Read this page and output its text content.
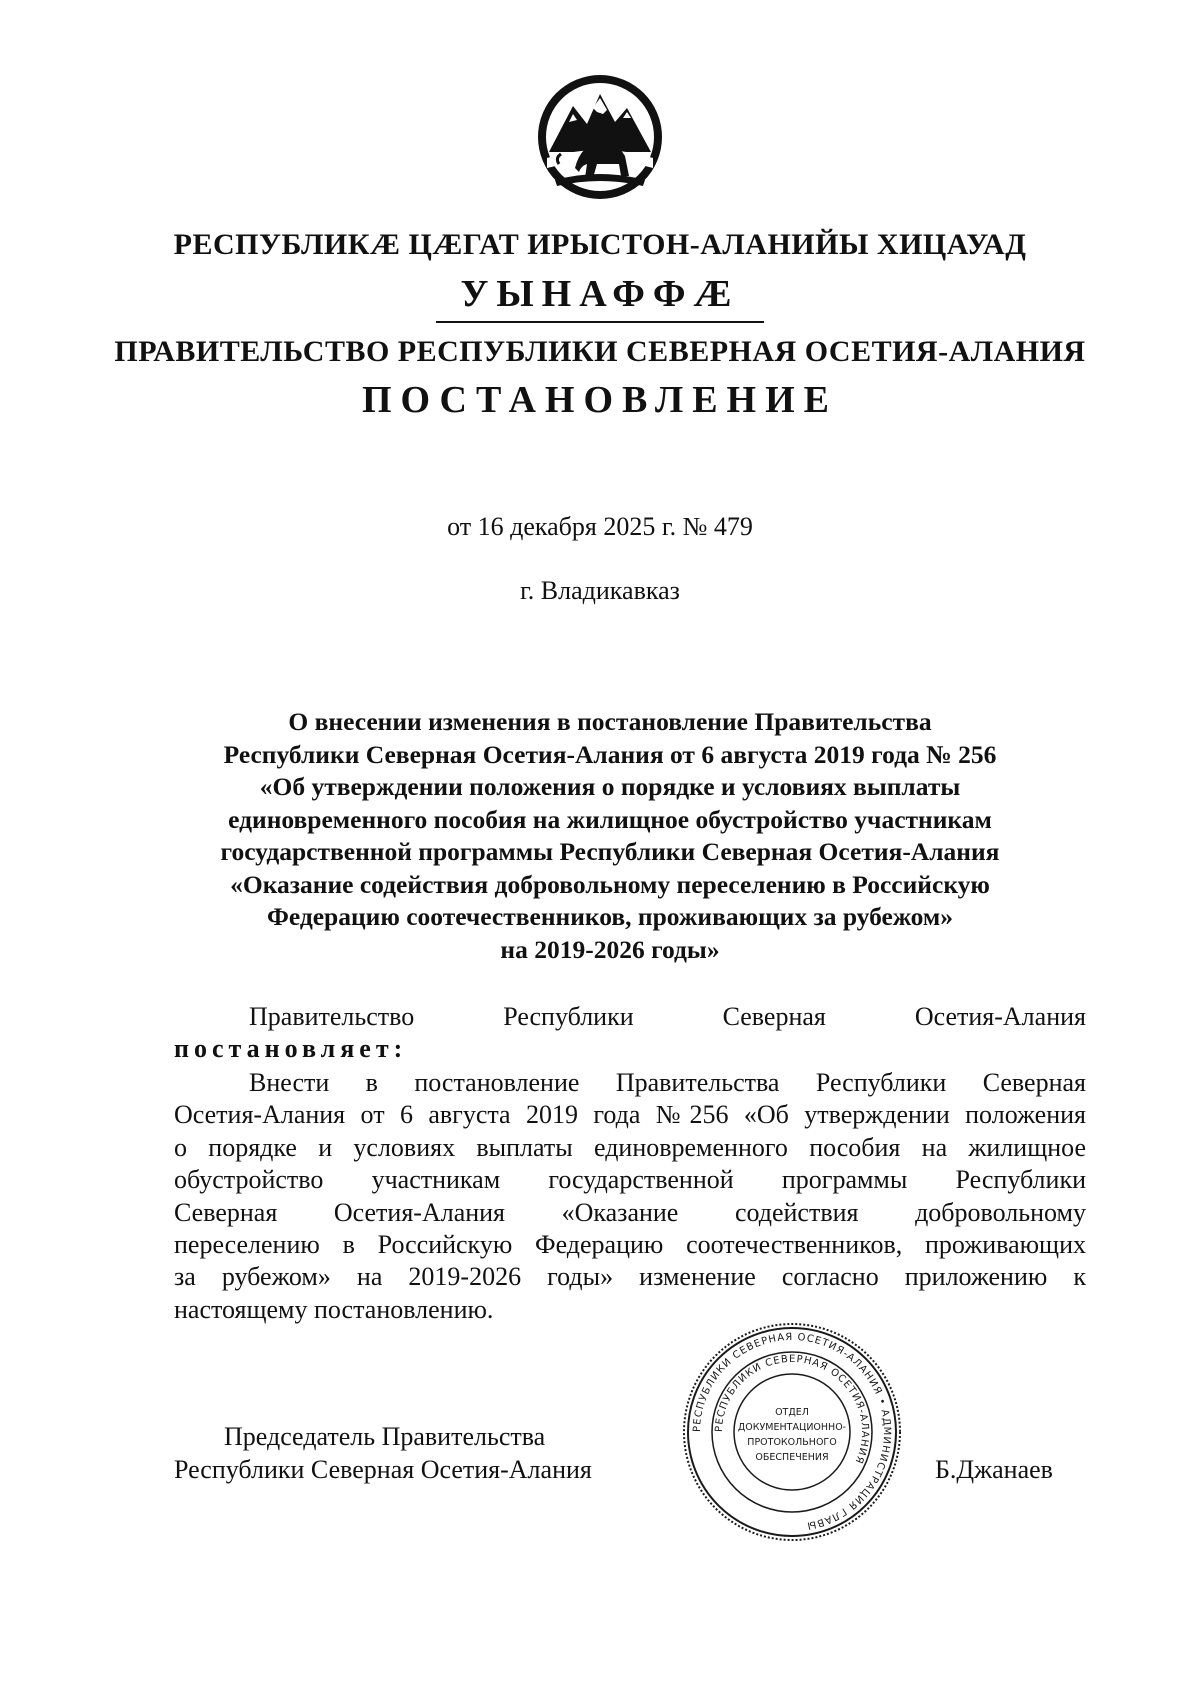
РЕСПУБЛИКÆ ЦÆГАТ ИРЫСТОН-АЛАНИЙЫ ХИЦАУАД
УЫНАФФÆ
ПРАВИТЕЛЬСТВО РЕСПУБЛИКИ СЕВЕРНАЯ ОСЕТИЯ-АЛАНИЯ
ПОСТАНОВЛЕНИЕ
от 16 декабря 2025 г. № 479
г. Владикавказ
О внесении изменения в постановление Правительства
Республики Северная Осетия-Алания от 6 августа 2019 года № 256
«Об утверждении положения о порядке и условиях выплаты
единовременного пособия на жилищное обустройство участникам
государственной программы Республики Северная Осетия-Алания
«Оказание содействия добровольному переселению в Российскую
Федерацию соотечественников, проживающих за рубежом»
на 2019-2026 годы»
Правительство Республики Северная Осетия-Алания
постановляет:
Внести в постановление Правительства Республики Северная
Осетия-Алания от 6 августа 2019 года №256 «Об утверждении положения
о порядке и условиях выплаты единовременного пособия на жилищное
обустройство участникам государственной программы Республики
Северная Осетия-Алания «Оказание содействия добровольному
переселению в Российскую Федерацию соотечественников, проживающих
за рубежом» на 2019-2026 годы» изменение согласно приложению к
настоящему постановлению.
Председатель Правительства
Республики Северная Осетия-Алания	Б.Джанаев
РЕСПУБЛИКИ СЕВЕРНАЯ ОСЕТИЯ-АЛАНИЯ • АДМИНИСТРАЦИЯ ГЛАВЫ
РЕСПУБЛИКИ СЕВЕРНАЯ ОСЕТИЯ-АЛАНИЯ
ОТДЕЛ
ДОКУМЕНТАЦИОННО-
ПРОТОКОЛЬНОГО
ОБЕСПЕЧЕНИЯ
